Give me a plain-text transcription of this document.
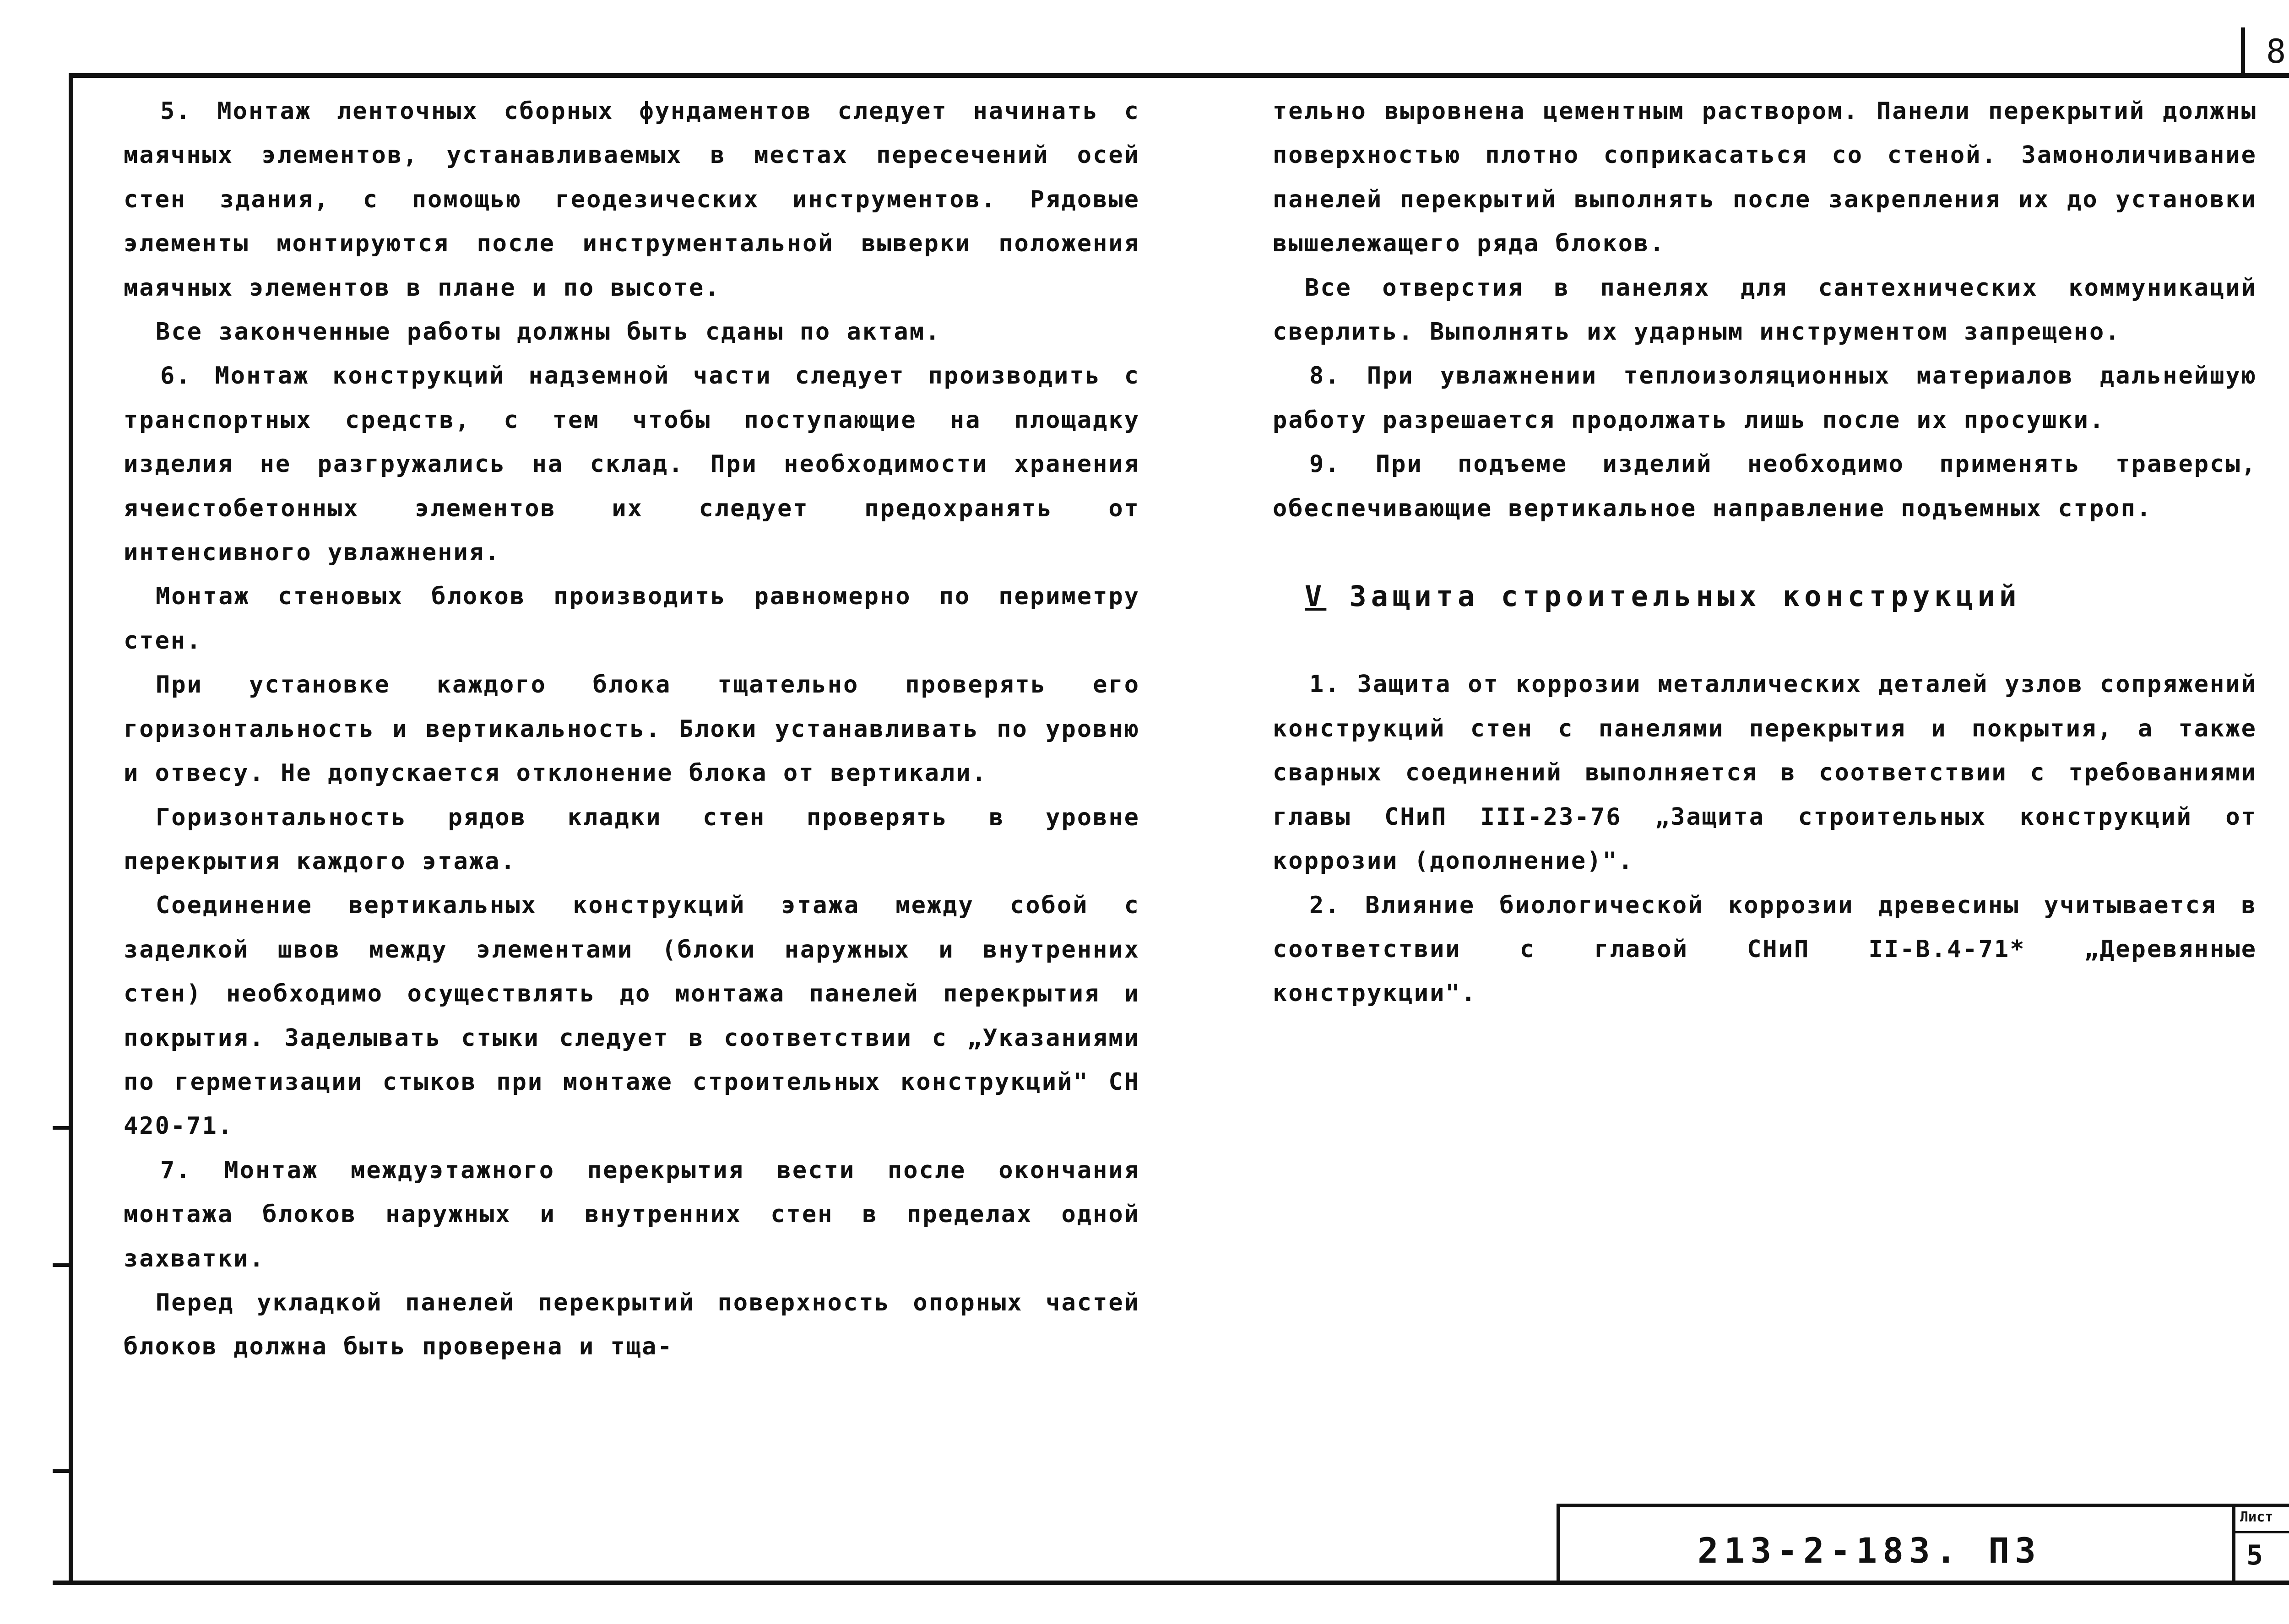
8

5. Монтаж ленточных сборных фундаментов следует начинать с маячных элементов, устанавливаемых в местах пересечений осей стен здания, с помощью геодезических инструментов. Рядовые элементы монтируются после инструментальной выверки положения маячных элементов в плане и по высоте.

Все законченные работы должны быть сданы по актам.

6. Монтаж конструкций надземной части следует производить с транспортных средств, с тем чтобы поступающие на площадку изделия не разгружались на склад. При необходимости хранения ячеистобетонных элементов их следует предохранять от интенсивного увлажнения.

Монтаж стеновых блоков производить равномерно по периметру стен.

При установке каждого блока тщательно проверять его горизонтальность и вертикальность. Блоки устанавливать по уровню и отвесу. Не допускается отклонение блока от вертикали.

Горизонтальность рядов кладки стен проверять в уровне перекрытия каждого этажа.

Соединение вертикальных конструкций этажа между собой с заделкой швов между элементами (блоки наружных и внутренних стен) необходимо осуществлять до монтажа панелей перекрытия и покрытия. Заделывать стыки следует в соответствии с „Указаниями по герметизации стыков при монтаже строительных конструкций" СН 420-71.

7. Монтаж междуэтажного перекрытия вести после окончания монтажа блоков наружных и внутренних стен в пределах одной захватки.

Перед укладкой панелей перекрытий поверхность опорных частей блоков должна быть проверена и тща-

тельно выровнена цементным раствором. Панели перекрытий должны поверхностью плотно соприкасаться со стеной. Замоноличивание панелей перекрытий выполнять после закрепления их до установки вышележащего ряда блоков.

Все отверстия в панелях для сантехнических коммуникаций сверлить. Выполнять их ударным инструментом запрещено.

8. При увлажнении теплоизоляционных материалов дальнейшую работу разрешается продолжать лишь после их просушки.

9. При подъеме изделий необходимо применять траверсы, обеспечивающие вертикальное направление подъемных строп.

V Защита строительных конструкций

1. Защита от коррозии металлических деталей узлов сопряжений конструкций стен с панелями перекрытия и покрытия, а также сварных соединений выполняется в соответствии с требованиями главы СНиП III-23-76 „Защита строительных конструкций от коррозии (дополнение)".

2. Влияние биологической коррозии древесины учитывается в соответствии с главой СНиП II-В.4-71* „Деревянные конструкции".

213-2-183. ПЗ
Лист
5
